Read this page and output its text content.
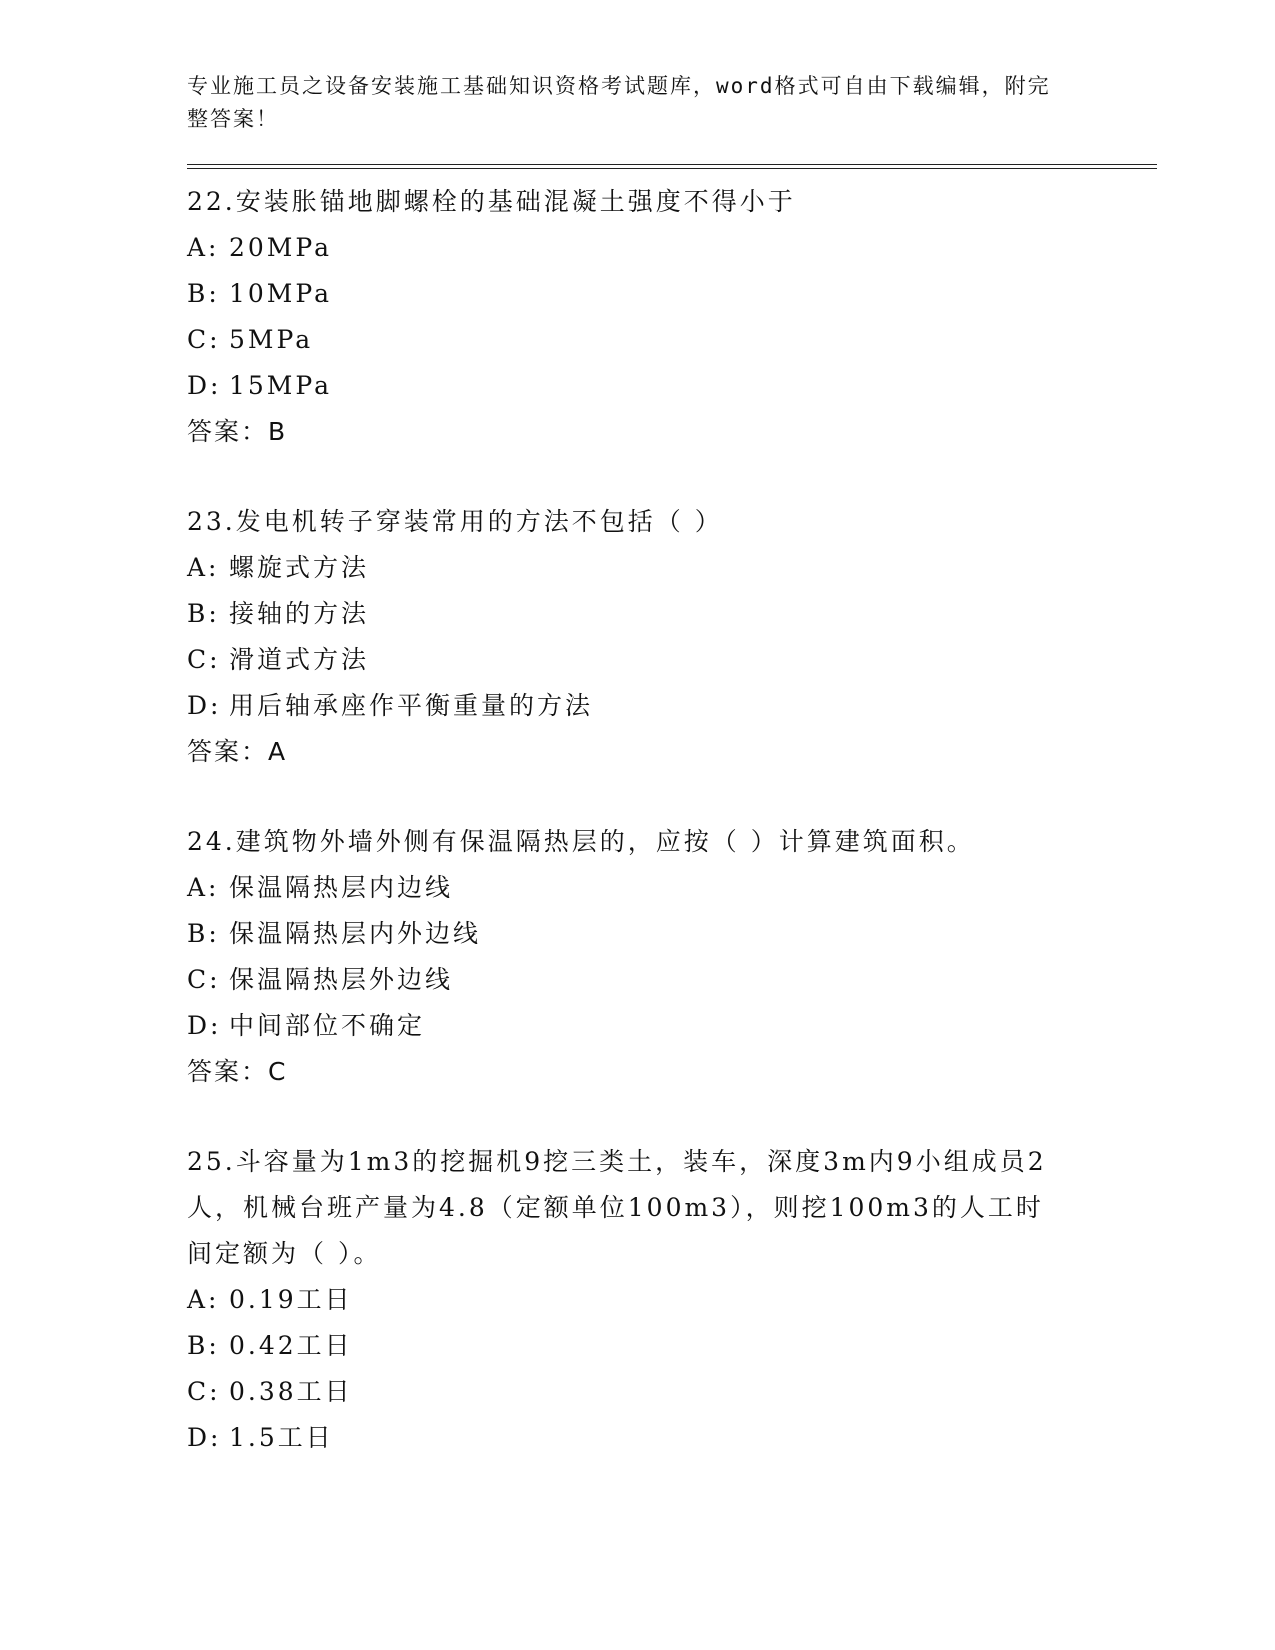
专业施工员之设备安装施工基础知识资格考试题库，word格式可自由下载编辑，附完整答案！
22.安装胀锚地脚螺栓的基础混凝土强度不得小于
A: 20MPa
B: 10MPa
C: 5MPa
D: 15MPa
答案：B
23.发电机转子穿装常用的方法不包括（ ）
A: 螺旋式方法
B: 接轴的方法
C: 滑道式方法
D: 用后轴承座作平衡重量的方法
答案：A
24.建筑物外墙外侧有保温隔热层的，应按（ ）计算建筑面积。
A: 保温隔热层内边线
B: 保温隔热层内外边线
C: 保温隔热层外边线
D: 中间部位不确定
答案：C
25.斗容量为1m3的挖掘机9挖三类土，装车，深度3m内9小组成员2人，机械台班产量为4.8（定额单位100m3），则挖100m3的人工时间定额为（ ）。
A: 0.19工日
B: 0.42工日
C: 0.38工日
D: 1.5工日
